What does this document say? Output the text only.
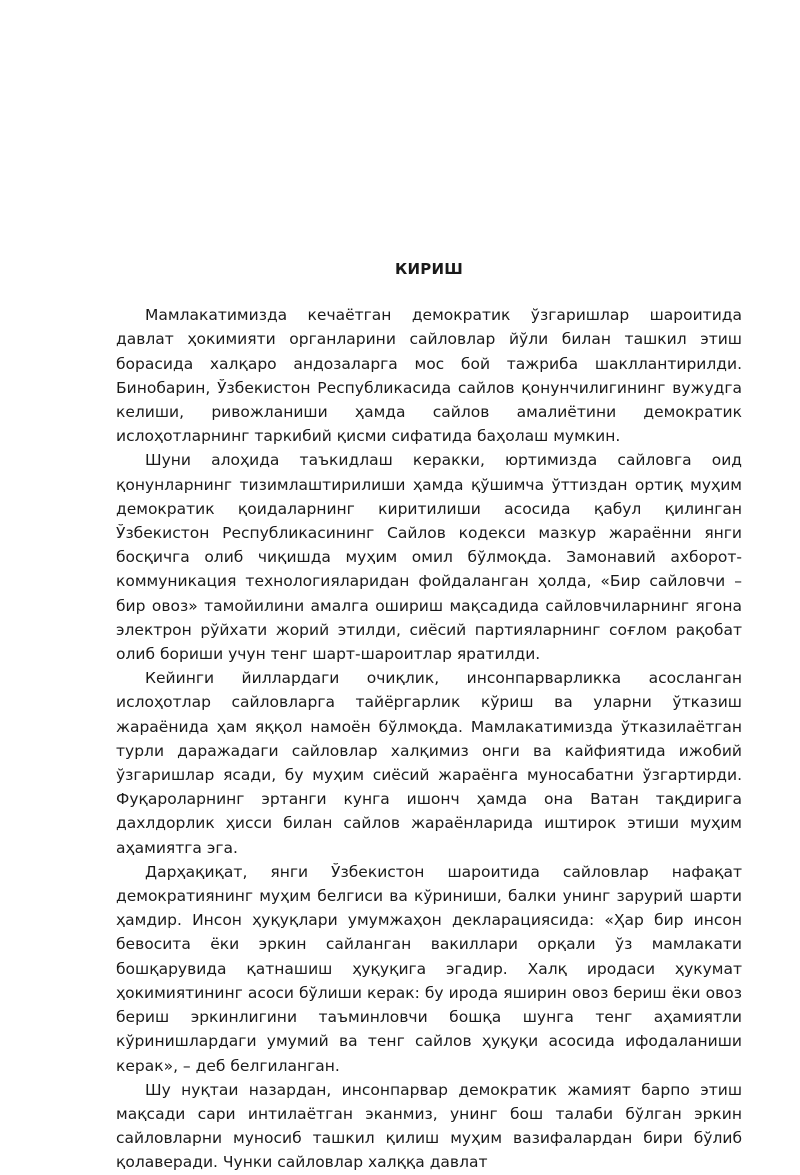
КИРИШ

Мамлакатимизда кечаётган демократик ўзгаришлар шароитида давлат ҳокимияти органларини сайловлар йўли билан ташкил этиш борасида халқаро андозаларга мос бой тажриба шакллантирилди. Бинобарин, Ўзбекистон Республикасида сайлов қонунчилигининг вужудга келиши, ривожланиши ҳамда сайлов амалиётини демократик ислоҳотларнинг таркибий қисми сифатида баҳолаш мумкин.

Шуни алоҳида таъкидлаш керакки, юртимизда сайловга оид қонунларнинг тизимлаштирилиши ҳамда қўшимча ўттиздан ортиқ муҳим демократик қоидаларнинг киритилиши асосида қабул қилинган Ўзбекистон Республикасининг Сайлов кодекси мазкур жараённи янги босқичга олиб чиқишда муҳим омил бўлмоқда. Замонавий ахборот-коммуникация технологияларидан фойдаланган ҳолда, «Бир сайловчи – бир овоз» тамойилини амалга ошириш мақсадида сайловчиларнинг ягона электрон рўйхати жорий этилди, сиёсий партияларнинг соғлом рақобат олиб бориши учун тенг шарт-шароитлар яратилди.

Кейинги йиллардаги очиқлик, инсонпарварликка асосланган ислоҳотлар сайловларга тайёргарлик кўриш ва уларни ўтказиш жараёнида ҳам яққол намоён бўлмоқда. Мамлакатимизда ўтказилаётган турли даражадаги сайловлар халқимиз онги ва кайфиятида ижобий ўзгаришлар ясади, бу муҳим сиёсий жараёнга муносабатни ўзгартирди. Фуқароларнинг эртанги кунга ишонч ҳамда она Ватан тақдирига дахлдорлик ҳисси билан сайлов жараёнларида иштирок этиши муҳим аҳамиятга эга.

Дарҳақиқат, янги Ўзбекистон шароитида сайловлар нафақат демократиянинг муҳим белгиси ва кўриниши, балки унинг зарурий шарти ҳамдир. Инсон ҳуқуқлари умумжаҳон декларациясида: «Ҳар бир инсон бевосита ёки эркин сайланган вакиллари орқали ўз мамлакати бошқарувида қатнашиш ҳуқуқига эгадир. Халқ иродаси ҳукумат ҳокимиятининг асоси бўлиши керак: бу ирода яширин овоз бериш ёки овоз бериш эркинлигини таъминловчи бошқа шунга тенг аҳамиятли кўринишлардаги умумий ва тенг сайлов ҳуқуқи асосида ифодаланиши керак», – деб белгиланган.

Шу нуқтаи назардан, инсонпарвар демократик жамият барпо этиш мақсади сари интилаётган эканмиз, унинг бош талаби бўлган эркин сайловларни муносиб ташкил қилиш муҳим вазифалардан бири бўлиб қолаверади. Чунки сайловлар халққа давлат
